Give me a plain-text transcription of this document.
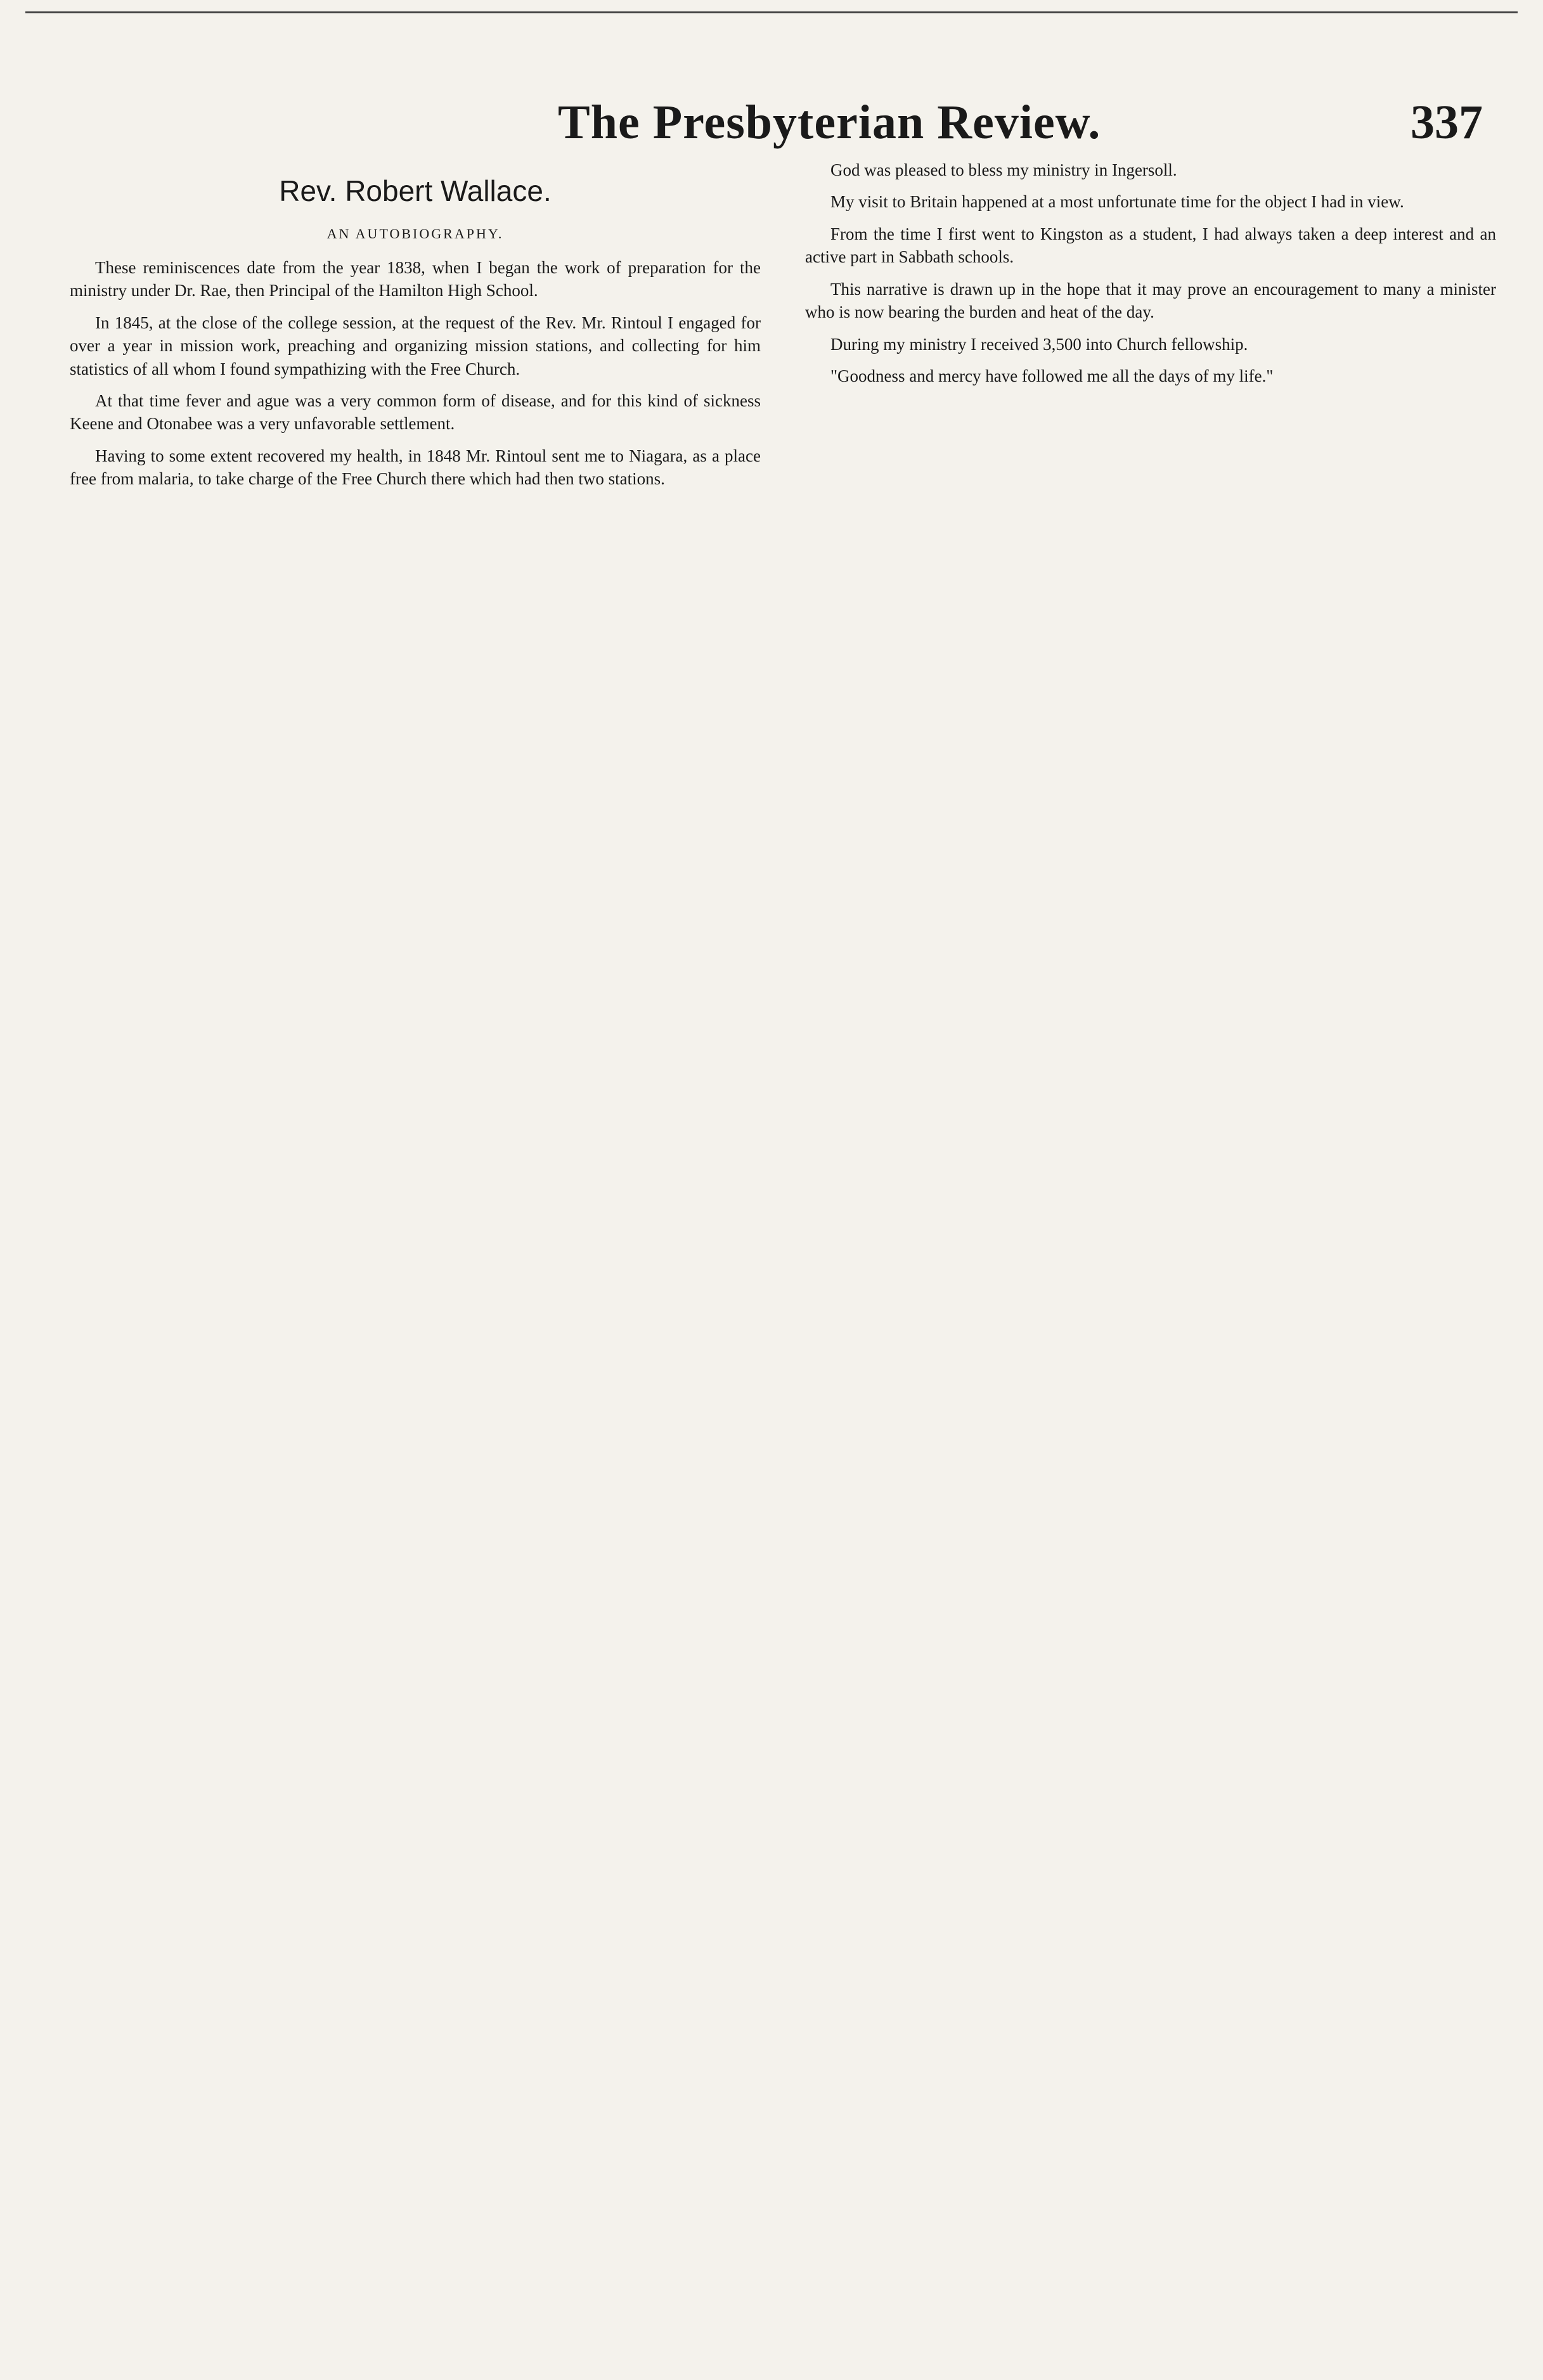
The Presbyterian Review.	337
Rev. Robert Wallace.
AN AUTOBIOGRAPHY.

These reminiscences date from the year 1838, when I began the work of preparation for the ministry under Dr. Rae, then Principal of the Hamilton High School.

In 1845, at the close of the college session, at the request of the Rev. Mr. Rintoul I engaged for over a year in mission work, preaching and organizing mission stations, and collecting for him statistics of all whom I found sympathizing with the Free Church.

At that time fever and ague was a very common form of disease, and for this kind of sickness Keene and Otonabee was a very unfavorable settlement.

Having to some extent recovered my health, in 1848 Mr. Rintoul sent me to Niagara, as a place free from malaria, to take charge of the Free Church there which had then two stations.

God was pleased to bless my ministry in Ingersoll.

My visit to Britain happened at a most unfortunate time for the object I had in view.

From the time I first went to Kingston as a student, I had always taken a deep interest and an active part in Sabbath schools.

This narrative is drawn up in the hope that it may prove an encouragement to many a minister who is now bearing the burden and heat of the day.

During my ministry I received 3,500 into Church fellowship.

"Goodness and mercy have followed me all the days of my life."
